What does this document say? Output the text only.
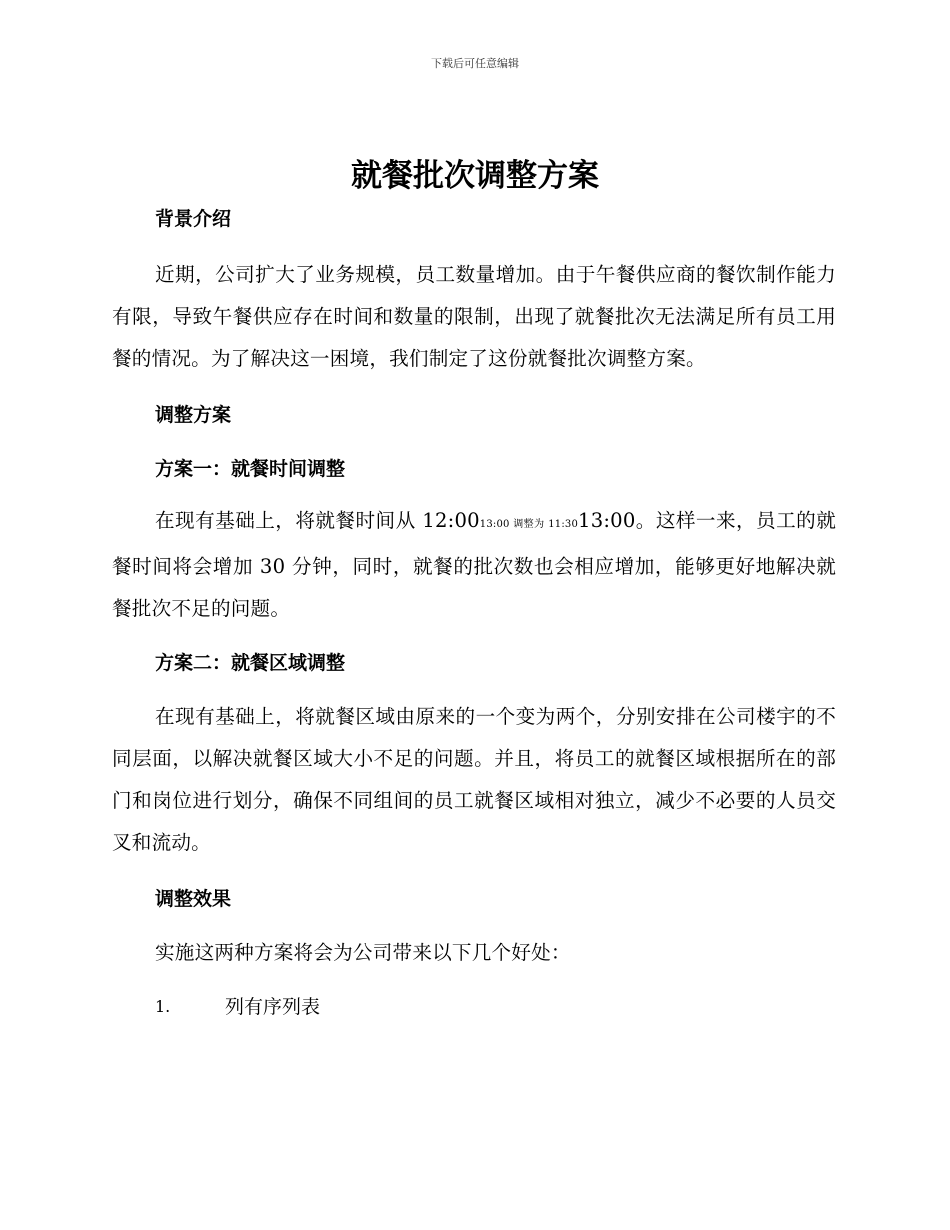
下载后可任意编辑
就餐批次调整方案
背景介绍

近期，公司扩大了业务规模，员工数量增加。由于午餐供应商的餐饮制作能力有限，导致午餐供应存在时间和数量的限制，出现了就餐批次无法满足所有员工用餐的情况。为了解决这一困境，我们制定了这份就餐批次调整方案。

调整方案
方案一：就餐时间调整

在现有基础上，将就餐时间从 12:0013:00 调整为 11:3013:00。这样一来，员工的就餐时间将会增加 30 分钟，同时，就餐的批次数也会相应增加，能够更好地解决就餐批次不足的问题。

方案二：就餐区域调整

在现有基础上，将就餐区域由原来的一个变为两个，分别安排在公司楼宇的不同层面，以解决就餐区域大小不足的问题。并且，将员工的就餐区域根据所在的部门和岗位进行划分，确保不同组间的员工就餐区域相对独立，减少不必要的人员交叉和流动。

调整效果

实施这两种方案将会为公司带来以下几个好处：

1.	列有序列表
